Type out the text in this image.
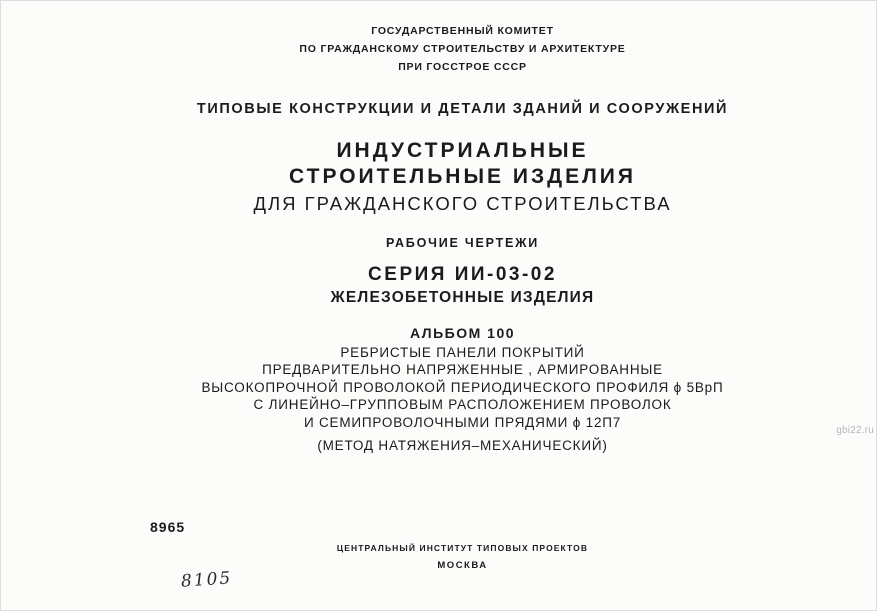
ГОСУДАРСТВЕННЫЙ КОМИТЕТ
ПО ГРАЖДАНСКОМУ СТРОИТЕЛЬСТВУ И АРХИТЕКТУРЕ
ПРИ ГОССТРОЕ СССР
ТИПОВЫЕ КОНСТРУКЦИИ И ДЕТАЛИ ЗДАНИЙ И СООРУЖЕНИЙ
ИНДУСТРИАЛЬНЫЕ
СТРОИТЕЛЬНЫЕ ИЗДЕЛИЯ
ДЛЯ ГРАЖДАНСКОГО СТРОИТЕЛЬСТВА
РАБОЧИЕ ЧЕРТЕЖИ
СЕРИЯ ИИ-03-02
ЖЕЛЕЗОБЕТОННЫЕ ИЗДЕЛИЯ
АЛЬБОМ 100
РЕБРИСТЫЕ ПАНЕЛИ ПОКРЫТИЙ
ПРЕДВАРИТЕЛЬНО НАПРЯЖЕННЫЕ , АРМИРОВАННЫЕ
ВЫСОКОПРОЧНОЙ ПРОВОЛОКОЙ ПЕРИОДИЧЕСКОГО ПРОФИЛЯ ϕ 5ВрП
С ЛИНЕЙНО–ГРУППОВЫМ РАСПОЛОЖЕНИЕМ ПРОВОЛОК
И СЕМИПРОВОЛОЧНЫМИ ПРЯДЯМИ ϕ 12П7
(МЕТОД НАТЯЖЕНИЯ–МЕХАНИЧЕСКИЙ)
8965
ЦЕНТРАЛЬНЫЙ ИНСТИТУТ ТИПОВЫХ ПРОЕКТОВ
МОСКВА
8105
gbi22.ru
